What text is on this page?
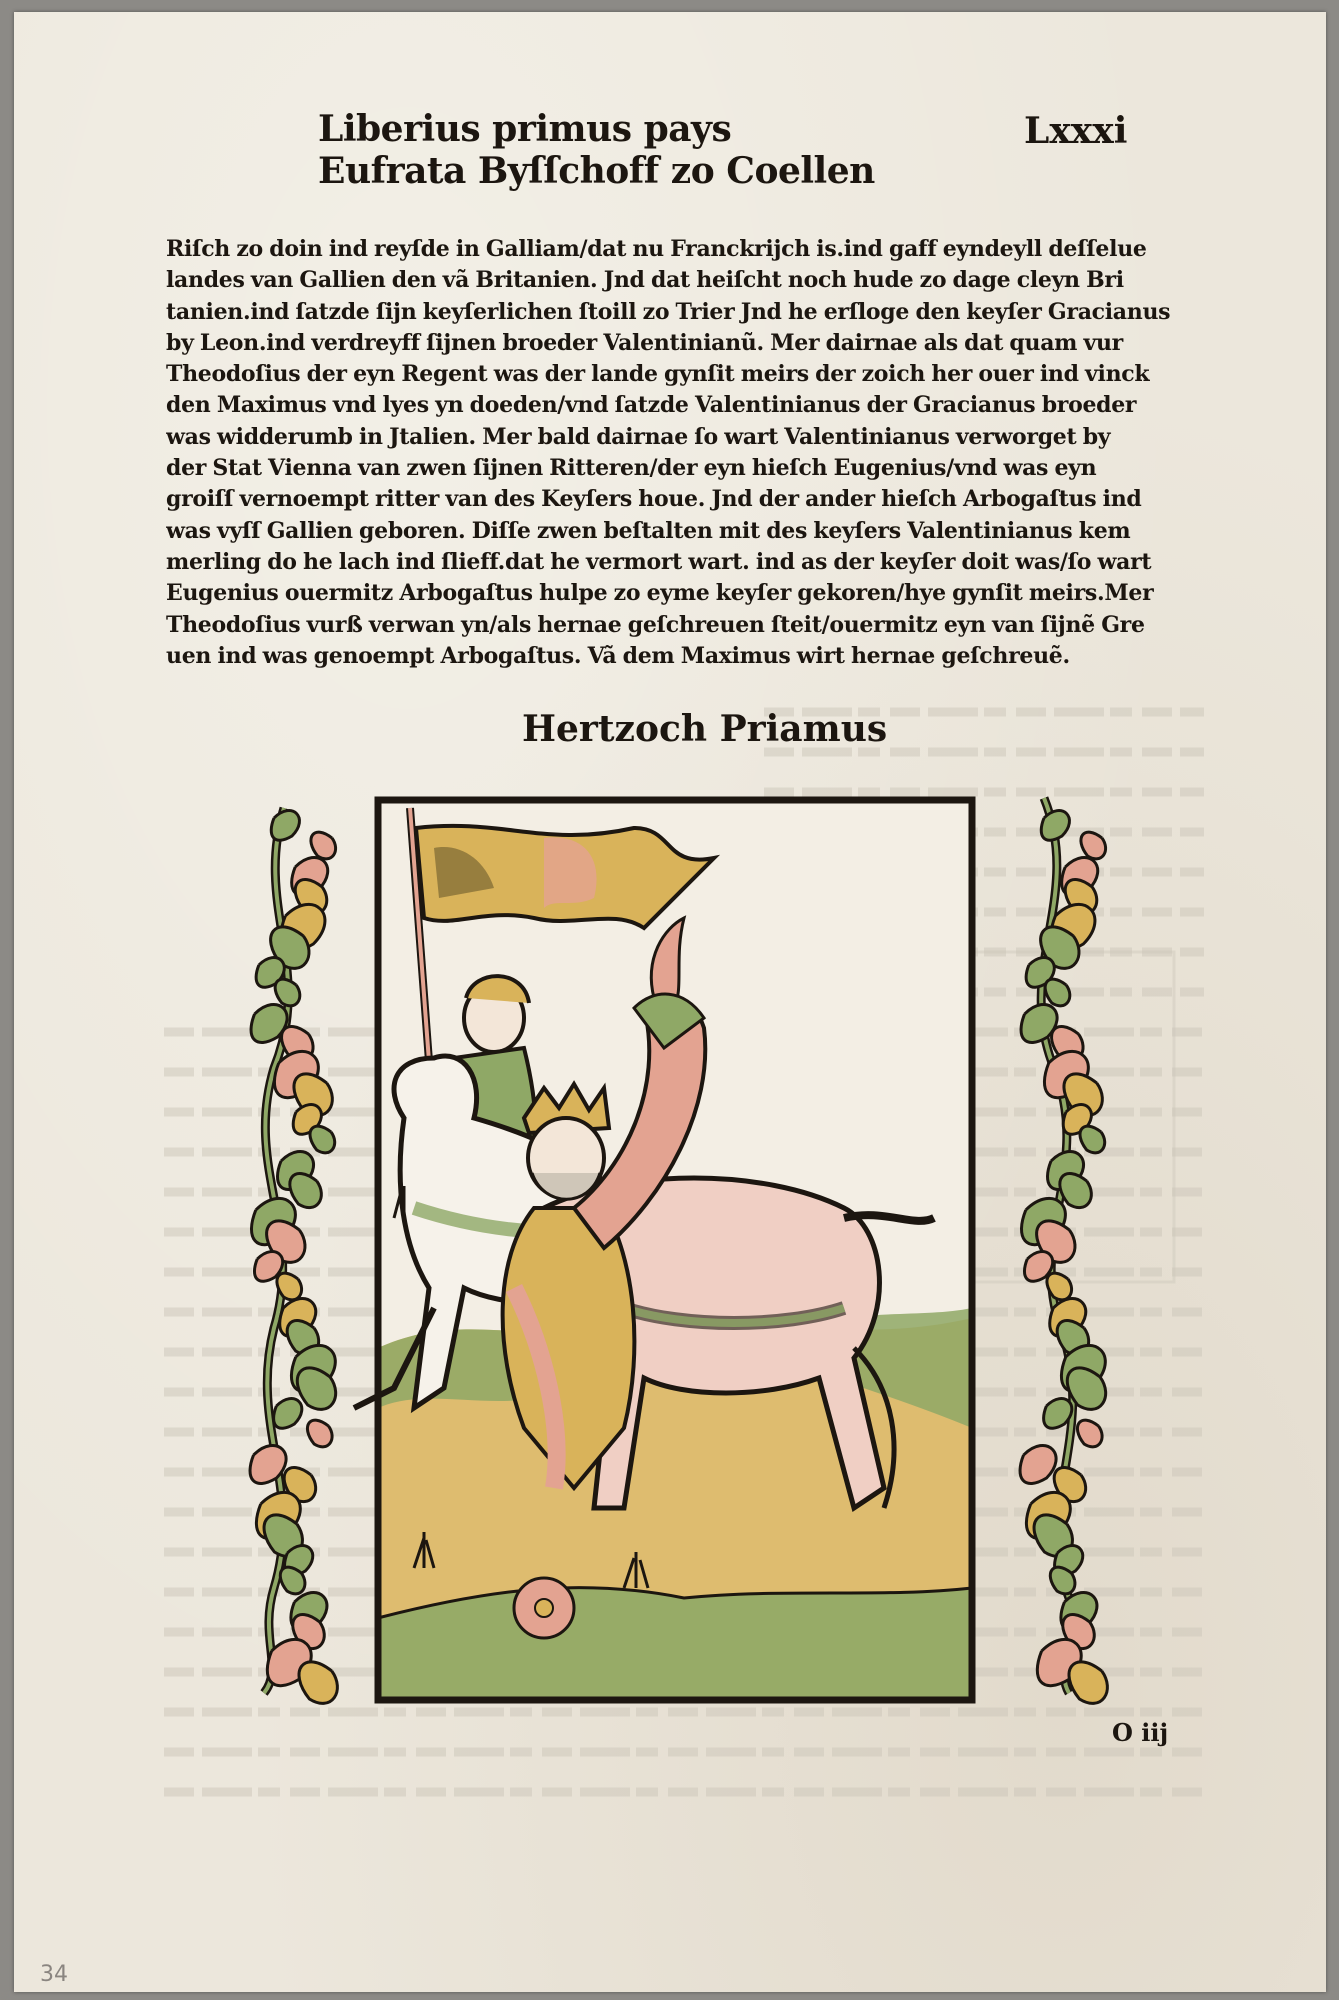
Liberius primus pays
Eufrata Byſſchoff zo Coellen
Lxxxi
Riſch zo doin ind reyſde in Galliam/dat nu Franckrijch is.ind gaff eyndeyll deſſelue
landes van Gallien den vã Britanien. Jnd dat heiſcht noch hude zo dage cleyn Bri
tanien.ind ſatzde ſijn keyſerlichen ſtoill zo Trier Jnd he erſloge den keyſer Gracianus
by Leon.ind verdreyff ſijnen broeder Valentinianũ. Mer dairnae als dat quam vur
Theodoſius der eyn Regent was der lande gynſit meirs der zoich her ouer ind vinck
den Maximus vnd lyes yn doeden/vnd ſatzde Valentinianus der Gracianus broeder
was widderumb in Jtalien. Mer bald dairnae ſo wart Valentinianus verworget by
der Stat Vienna van zwen ſijnen Ritteren/der eyn hieſch Eugenius/vnd was eyn
groiſſ vernoempt ritter van des Keyſers houe. Jnd der ander hieſch Arbogaſtus ind
was vyſſ Gallien geboren. Diſſe zwen beſtalten mit des keyſers Valentinianus kem
merling do he lach ind ſlieff.dat he vermort wart. ind as der keyſer doit was/ſo wart
Eugenius ouermitz Arbogaſtus hulpe zo eyme keyſer gekoren/hye gynſit meirs.Mer
Theodoſius vurß verwan yn/als hernae geſchreuen ſteit/ouermitz eyn van ſijnẽ Gre
uen ind was genoempt Arbogaſtus. Vã dem Maximus wirt hernae geſchreuẽ.
Hertzoch Priamus
O iij
34
